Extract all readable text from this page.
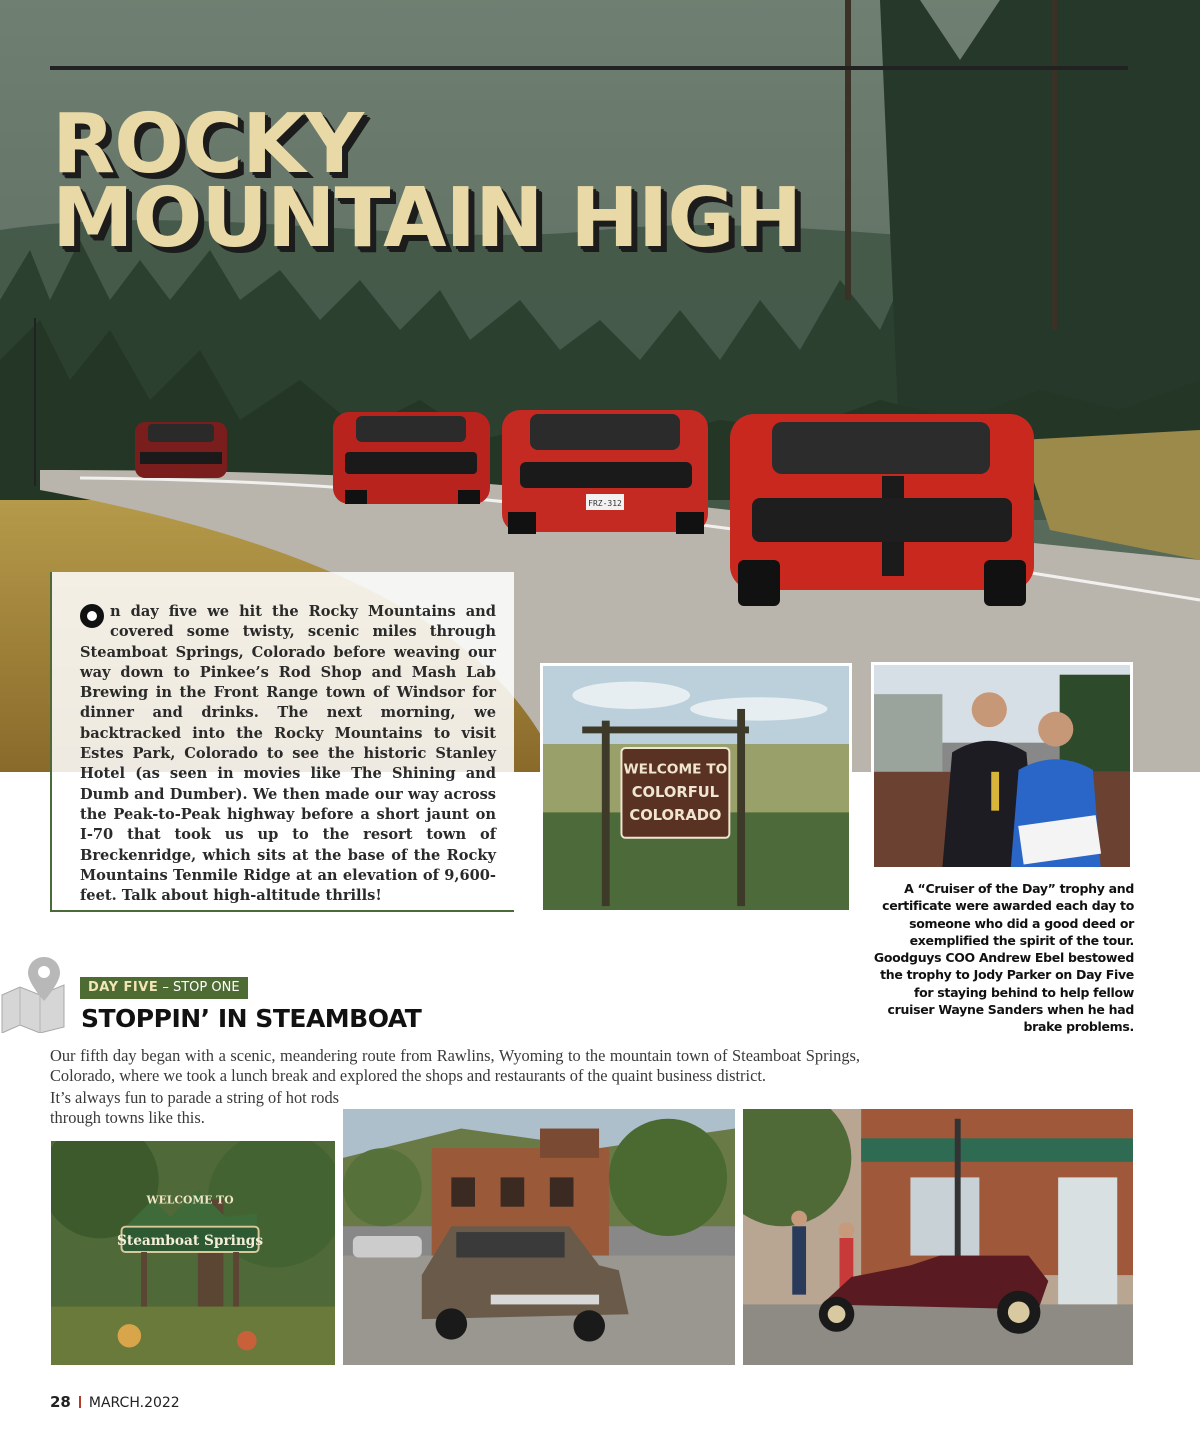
FRZ-312
ROCKY MOUNTAIN HIGH

n day five we hit the Rocky Mountains and covered some twisty, scenic miles through Steamboat Springs, Colorado before weaving our way down to Pinkee’s Rod Shop and Mash Lab Brewing in the Front Range town of Windsor for dinner and drinks. The next morning, we backtracked into the Rocky Mountains to visit Estes Park, Colorado to see the historic Stanley Hotel (as seen in movies like The Shining and Dumb and Dumber). We then made our way across the Peak-to-Peak highway before a short jaunt on I-70 that took us up to the resort town of Breckenridge, which sits at the base of the Rocky Mountains Tenmile Ridge at an elevation of 9,600-feet. Talk about high-altitude thrills!

WELCOME TO
COLORFUL
COLORADO

A “Cruiser of the Day” trophy and certificate were awarded each day to someone who did a good deed or exemplified the spirit of the tour. Goodguys COO Andrew Ebel bestowed the trophy to Jody Parker on Day Five for staying behind to help fellow cruiser Wayne Sanders when he had brake problems.

DAY FIVE – STOP ONE
STOPPIN’ IN STEAMBOAT

Our fifth day began with a scenic, meandering route from Rawlins, Wyoming to the mountain town of Steamboat Springs, Colorado, where we took a lunch break and explored the shops and restaurants of the quaint business district.

It’s always fun to parade a string of hot rods through towns like this.

WELCOME TO
Steamboat Springs

28 MARCH.2022
